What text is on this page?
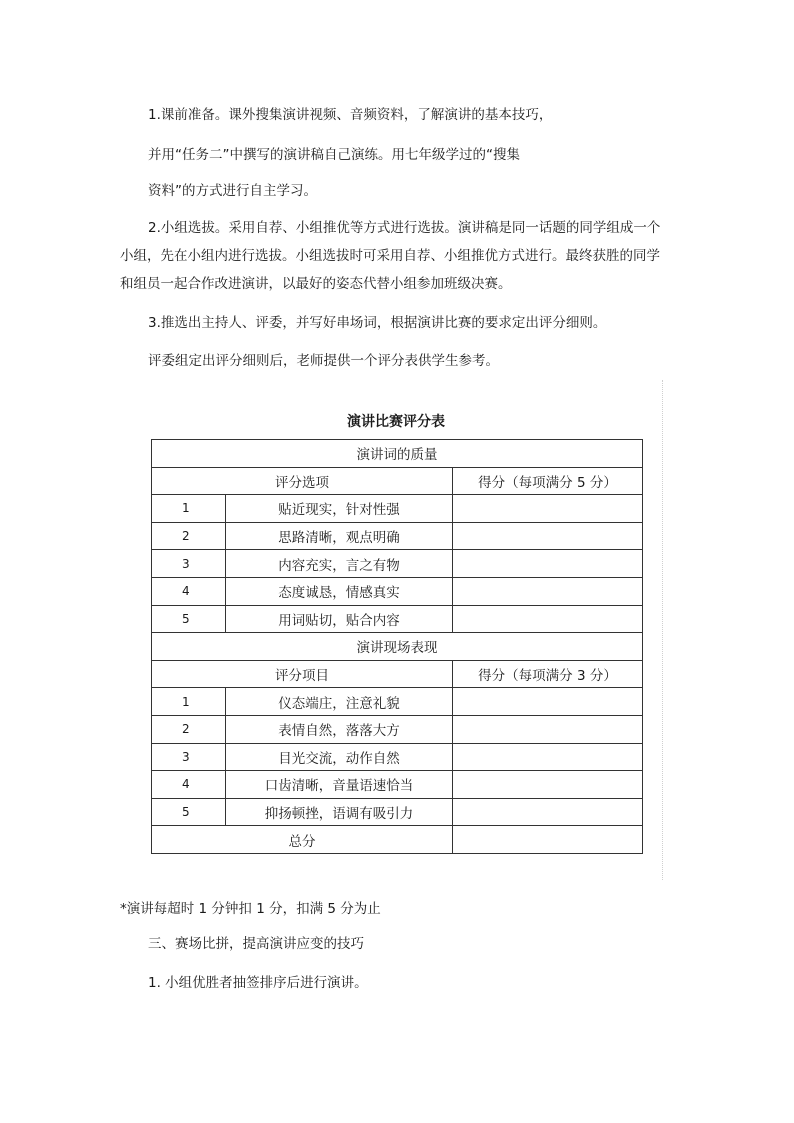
1.课前准备。课外搜集演讲视频、音频资料，了解演讲的基本技巧，
并用“任务二”中撰写的演讲稿自己演练。用七年级学过的“搜集
资料”的方式进行自主学习。
2.小组选拔。采用自荐、小组推优等方式进行选拔。演讲稿是同一话题的同学组成一个
小组，先在小组内进行选拔。小组选拔时可采用自荐、小组推优方式进行。最终获胜的同学
和组员一起合作改进演讲，以最好的姿态代替小组参加班级决赛。
3.推选出主持人、评委，并写好串场词，根据演讲比赛的要求定出评分细则。
评委组定出评分细则后，老师提供一个评分表供学生参考。
演讲比赛评分表
演讲词的质量		
评分选项		得分（每项满分 5 分）
1	贴近现实，针对性强	
2	思路清晰，观点明确	
3	内容充实，言之有物	
4	态度诚恳，情感真实	
5	用词贴切，贴合内容	
演讲现场表现		
评分项目		得分（每项满分 3 分）
1	仪态端庄，注意礼貌	
2	表情自然，落落大方	
3	目光交流，动作自然	
4	口齿清晰，音量语速恰当	
5	抑扬顿挫，语调有吸引力	
总分		
*演讲每超时 1 分钟扣 1 分，扣满 5 分为止
三、赛场比拼，提高演讲应变的技巧
1. 小组优胜者抽签排序后进行演讲。
